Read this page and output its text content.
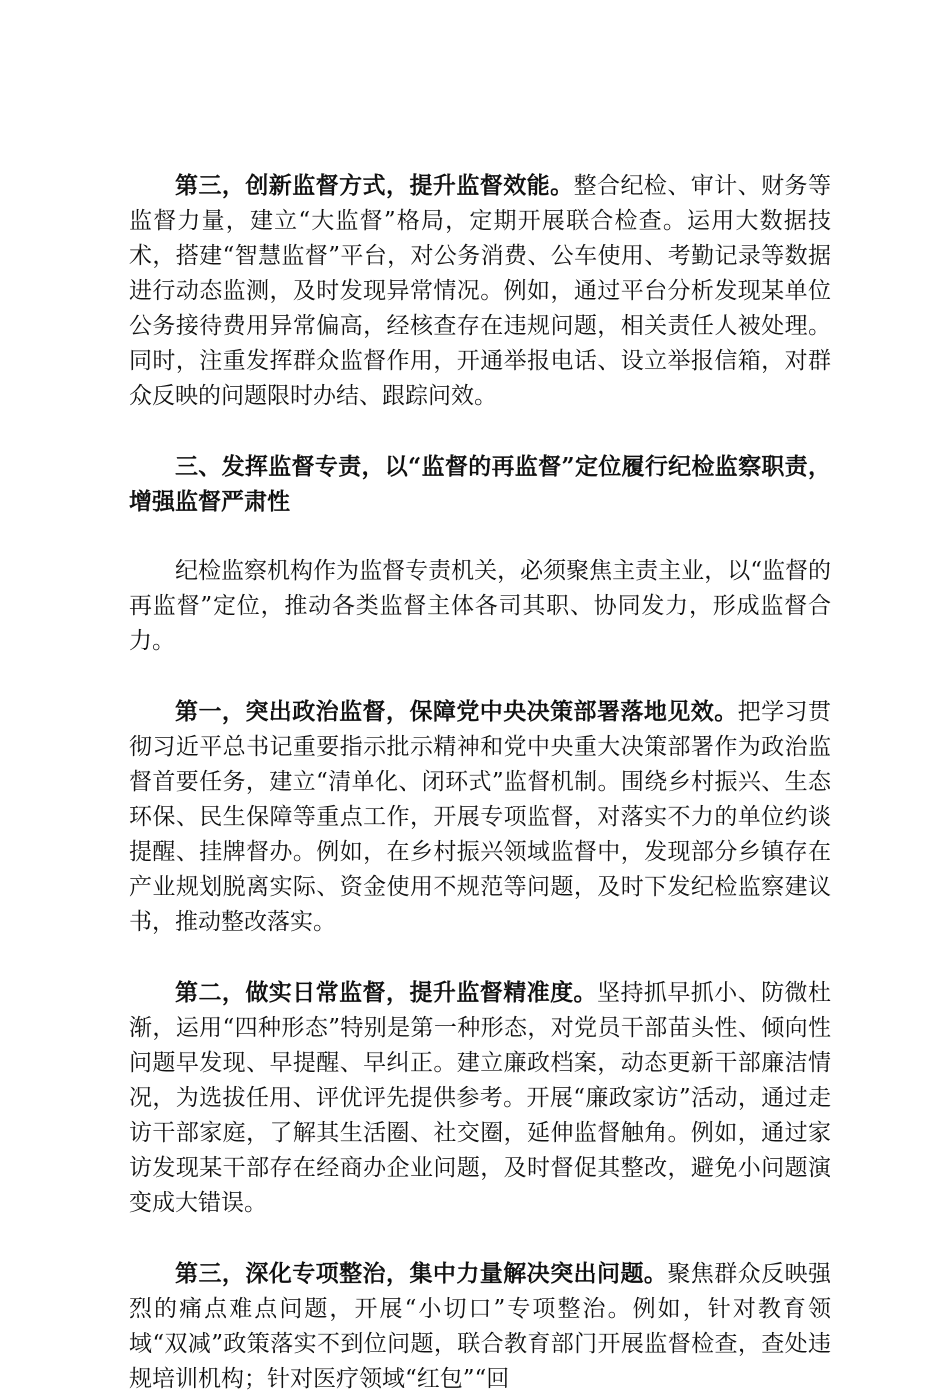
第三，创新监督方式，提升监督效能。整合纪检、审计、财务等监督力量，建立“大监督”格局，定期开展联合检查。运用大数据技术，搭建“智慧监督”平台，对公务消费、公车使用、考勤记录等数据进行动态监测，及时发现异常情况。例如，通过平台分析发现某单位公务接待费用异常偏高，经核查存在违规问题，相关责任人被处理。同时，注重发挥群众监督作用，开通举报电话、设立举报信箱，对群众反映的问题限时办结、跟踪问效。

三、发挥监督专责，以“监督的再监督”定位履行纪检监察职责，增强监督严肃性

纪检监察机构作为监督专责机关，必须聚焦主责主业，以“监督的再监督”定位，推动各类监督主体各司其职、协同发力，形成监督合力。

第一，突出政治监督，保障党中央决策部署落地见效。把学习贯彻习近平总书记重要指示批示精神和党中央重大决策部署作为政治监督首要任务，建立“清单化、闭环式”监督机制。围绕乡村振兴、生态环保、民生保障等重点工作，开展专项监督，对落实不力的单位约谈提醒、挂牌督办。例如，在乡村振兴领域监督中，发现部分乡镇存在产业规划脱离实际、资金使用不规范等问题，及时下发纪检监察建议书，推动整改落实。

第二，做实日常监督，提升监督精准度。坚持抓早抓小、防微杜渐，运用“四种形态”特别是第一种形态，对党员干部苗头性、倾向性问题早发现、早提醒、早纠正。建立廉政档案，动态更新干部廉洁情况，为选拔任用、评优评先提供参考。开展“廉政家访”活动，通过走访干部家庭，了解其生活圈、社交圈，延伸监督触角。例如，通过家访发现某干部存在经商办企业问题，及时督促其整改，避免小问题演变成大错误。

第三，深化专项整治，集中力量解决突出问题。聚焦群众反映强烈的痛点难点问题，开展“小切口”专项整治。例如，针对教育领域“双减”政策落实不到位问题，联合教育部门开展监督检查，查处违规培训机构；针对医疗领域“红包”“回
